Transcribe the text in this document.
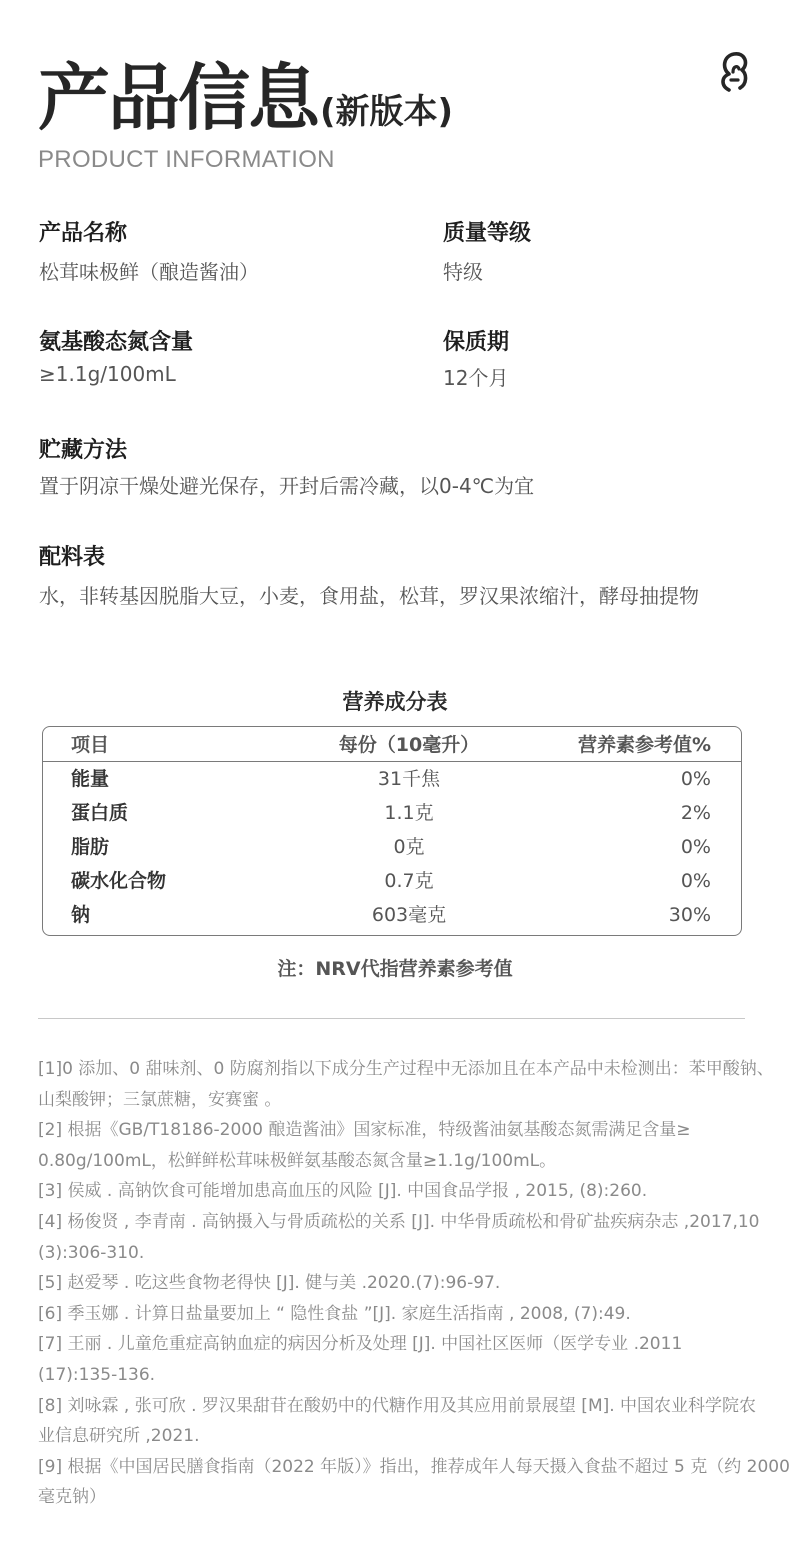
产品信息(新版本)
PRODUCT INFORMATION
产品名称
松茸味极鲜（酿造酱油）
质量等级
特级
氨基酸态氮含量
≥1.1g/100mL
保质期
12个月
贮藏方法
置于阴凉干燥处避光保存，开封后需冷藏，以0-4℃为宜
配料表
水，非转基因脱脂大豆，小麦，食用盐，松茸，罗汉果浓缩汁，酵母抽提物
营养成分表
项目	每份（10毫升）	营养素参考值%
能量	31千焦	0%
蛋白质	1.1克	2%
脂肪	0克	0%
碳水化合物	0.7克	0%
钠	603毫克	30%
注：NRV代指营养素参考值
[1]0 添加、0 甜味剂、0 防腐剂指以下成分生产过程中无添加且在本产品中未检测出：苯甲酸钠、
山梨酸钾；三氯蔗糖，安赛蜜 。
[2] 根据《GB/T18186-2000 酿造酱油》国家标准，特级酱油氨基酸态氮需满足含量≥
0.80g/100mL，松鲜鲜松茸味极鲜氨基酸态氮含量≥1.1g/100mL。
[3] 侯威 . 高钠饮食可能增加患高血压的风险 [J]. 中国食品学报 , 2015, (8):260.
[4] 杨俊贤 , 李青南 . 高钠摄入与骨质疏松的关系 [J]. 中华骨质疏松和骨矿盐疾病杂志 ,2017,10
(3):306-310.
[5] 赵爱琴 . 吃这些食物老得快 [J]. 健与美 .2020.(7):96-97.
[6] 季玉娜 . 计算日盐量要加上 “ 隐性食盐 ”[J]. 家庭生活指南 , 2008, (7):49.
[7] 王丽 . 儿童危重症高钠血症的病因分析及处理 [J]. 中国社区医师（医学专业 .2011
(17):135-136.
[8] 刘咏霖 , 张可欣 . 罗汉果甜苷在酸奶中的代糖作用及其应用前景展望 [M]. 中国农业科学院农
业信息研究所 ,2021.
[9] 根据《中国居民膳食指南（2022 年版）》指出，推荐成年人每天摄入食盐不超过 5 克（约 2000
毫克钠）
